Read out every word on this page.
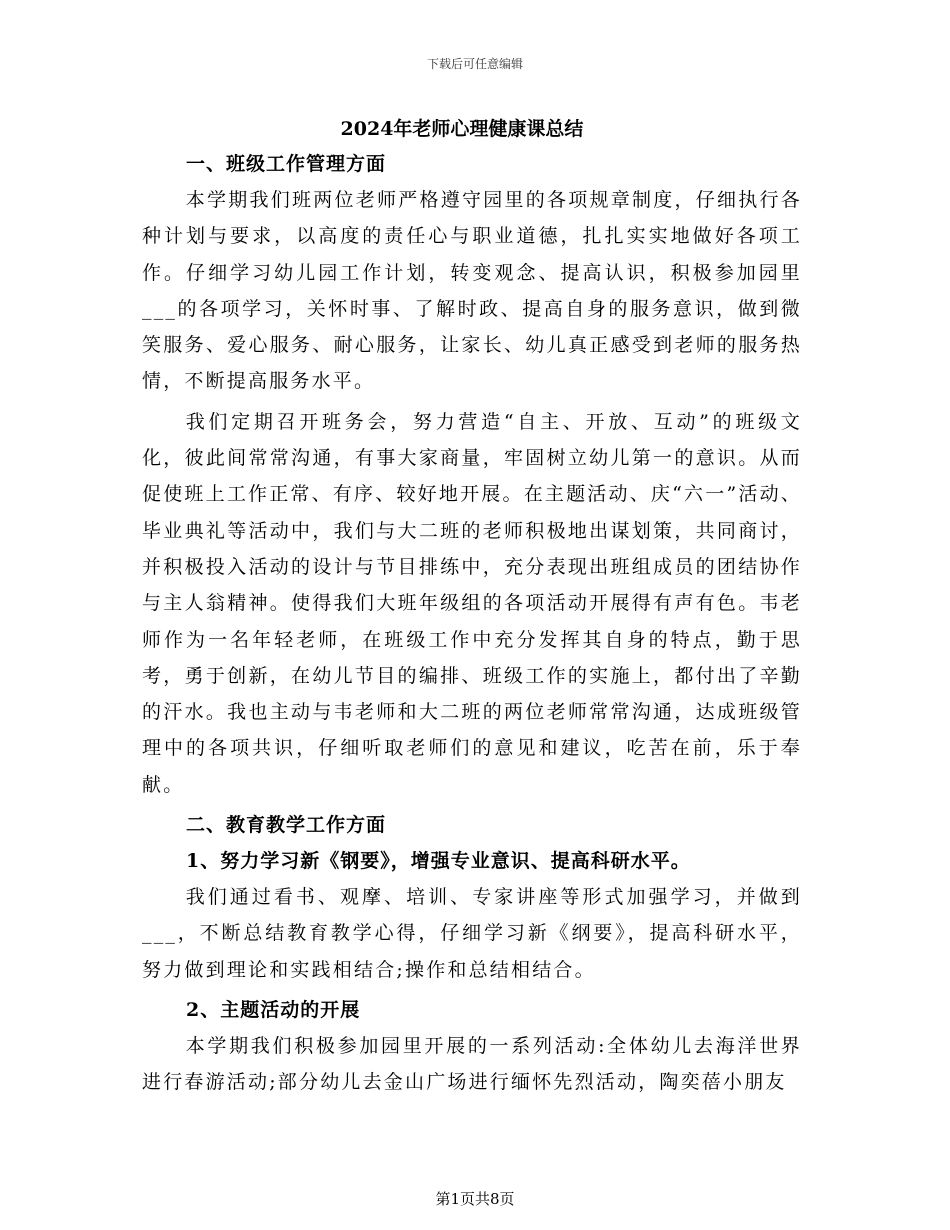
下载后可任意编辑
2024年老师心理健康课总结
一、班级工作管理方面

本学期我们班两位老师严格遵守园里的各项规章制度，仔细执行各种计划与要求，以高度的责任心与职业道德，扎扎实实地做好各项工作。仔细学习幼儿园工作计划，转变观念、提高认识，积极参加园里___的各项学习，关怀时事、了解时政、提高自身的服务意识，做到微笑服务、爱心服务、耐心服务，让家长、幼儿真正感受到老师的服务热情，不断提高服务水平。

我们定期召开班务会，努力营造“自主、开放、互动”的班级文化，彼此间常常沟通，有事大家商量，牢固树立幼儿第一的意识。从而促使班上工作正常、有序、较好地开展。在主题活动、庆“六一”活动、毕业典礼等活动中，我们与大二班的老师积极地出谋划策，共同商讨，并积极投入活动的设计与节目排练中，充分表现出班组成员的团结协作与主人翁精神。使得我们大班年级组的各项活动开展得有声有色。韦老师作为一名年轻老师，在班级工作中充分发挥其自身的特点，勤于思考，勇于创新，在幼儿节目的编排、班级工作的实施上，都付出了辛勤的汗水。我也主动与韦老师和大二班的两位老师常常沟通，达成班级管理中的各项共识，仔细听取老师们的意见和建议，吃苦在前，乐于奉献。

二、教育教学工作方面
1、努力学习新《钢要》，增强专业意识、提高科研水平。

我们通过看书、观摩、培训、专家讲座等形式加强学习，并做到___，不断总结教育教学心得，仔细学习新《纲要》，提高科研水平，努力做到理论和实践相结合;操作和总结相结合。

2、主题活动的开展

本学期我们积极参加园里开展的一系列活动:全体幼儿去海洋世界进行春游活动;部分幼儿去金山广场进行缅怀先烈活动，陶奕蓓小朋友

第1页共8页
